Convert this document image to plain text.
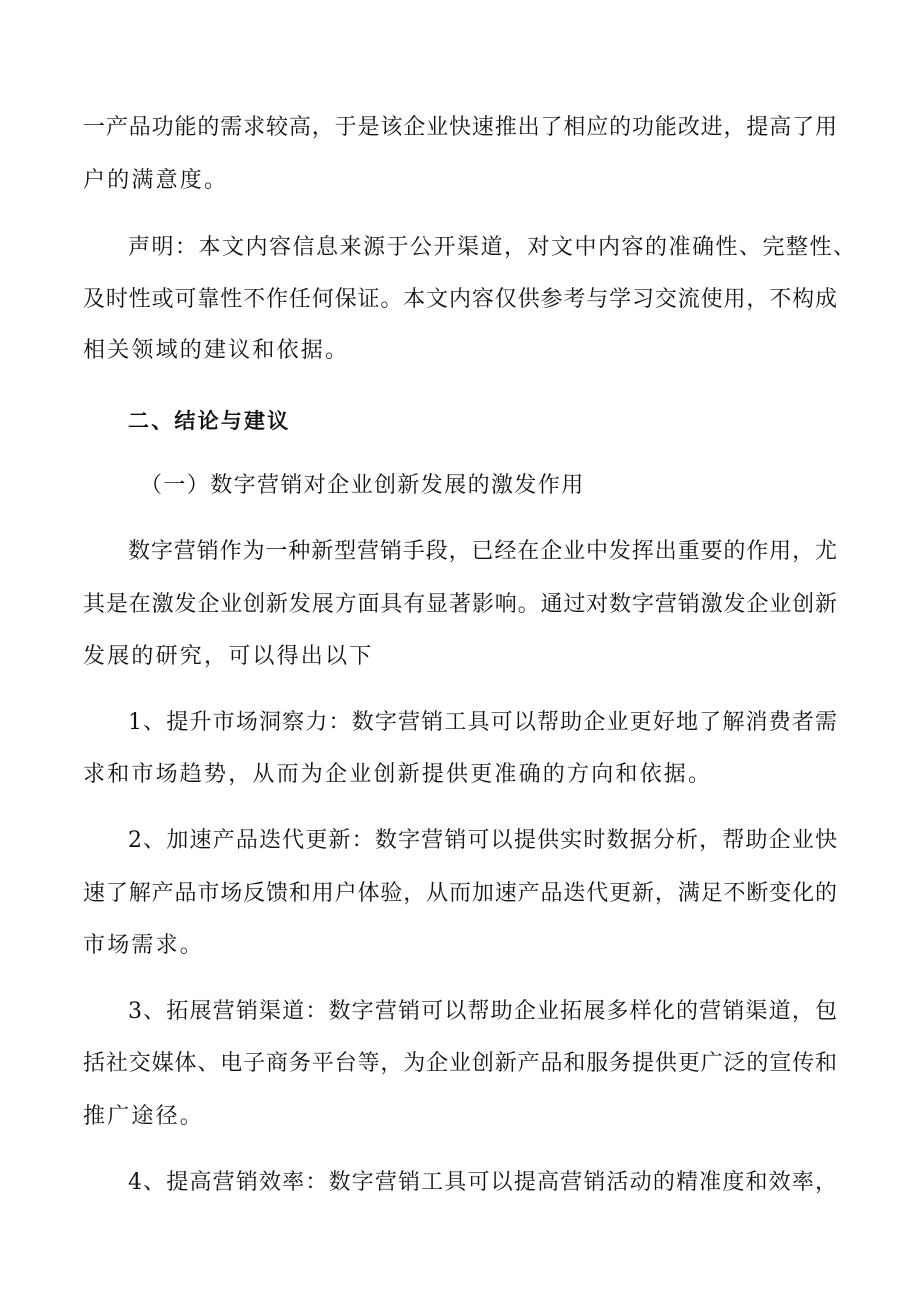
一产品功能的需求较高，于是该企业快速推出了相应的功能改进，提高了用
户的满意度。
声明：本文内容信息来源于公开渠道，对文中内容的准确性、完整性、
及时性或可靠性不作任何保证。本文内容仅供参考与学习交流使用，不构成
相关领域的建议和依据。
二、结论与建议
（一）数字营销对企业创新发展的激发作用
数字营销作为一种新型营销手段，已经在企业中发挥出重要的作用，尤
其是在激发企业创新发展方面具有显著影响。通过对数字营销激发企业创新
发展的研究，可以得出以下
1、提升市场洞察力：数字营销工具可以帮助企业更好地了解消费者需
求和市场趋势，从而为企业创新提供更准确的方向和依据。
2、加速产品迭代更新：数字营销可以提供实时数据分析，帮助企业快
速了解产品市场反馈和用户体验，从而加速产品迭代更新，满足不断变化的
市场需求。
3、拓展营销渠道：数字营销可以帮助企业拓展多样化的营销渠道，包
括社交媒体、电子商务平台等，为企业创新产品和服务提供更广泛的宣传和
推广途径。
4、提高营销效率：数字营销工具可以提高营销活动的精准度和效率，
